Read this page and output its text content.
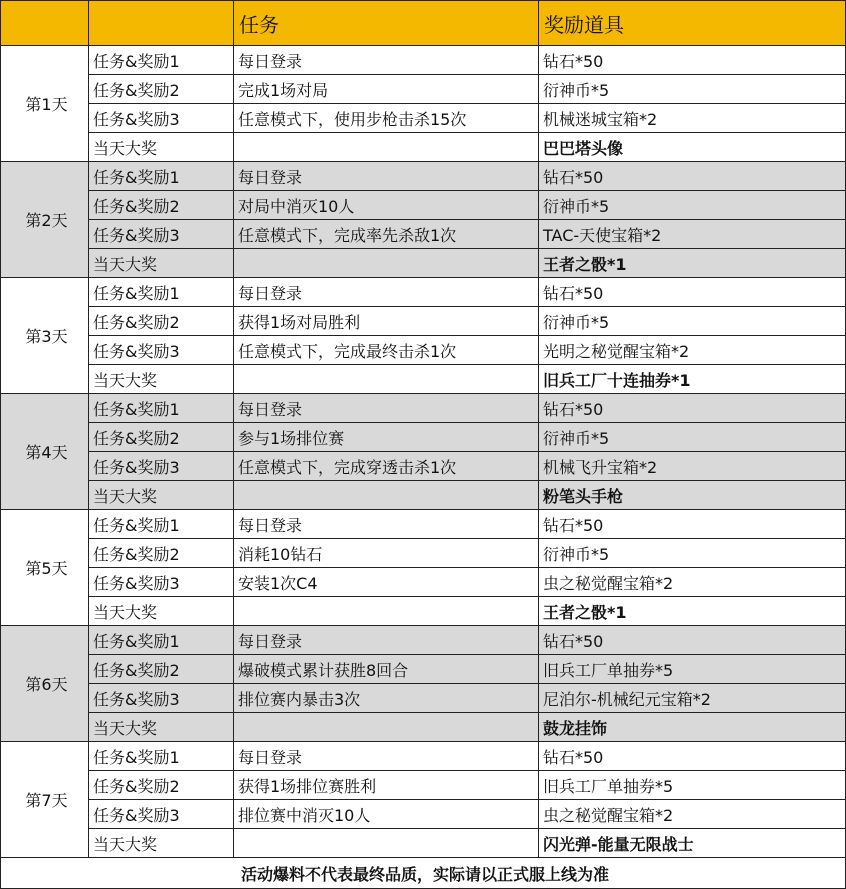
		任务	奖励道具
第1天	任务&奖励1	每日登录	钻石*50
	任务&奖励2	完成1场对局	衍神币*5
	任务&奖励3	任意模式下，使用步枪击杀15次	机械迷城宝箱*2
	当天大奖		巴巴塔头像
第2天	任务&奖励1	每日登录	钻石*50
	任务&奖励2	对局中消灭10人	衍神币*5
	任务&奖励3	任意模式下，完成率先杀敌1次	TAC-天使宝箱*2
	当天大奖		王者之骰*1
第3天	任务&奖励1	每日登录	钻石*50
	任务&奖励2	获得1场对局胜利	衍神币*5
	任务&奖励3	任意模式下，完成最终击杀1次	光明之秘觉醒宝箱*2
	当天大奖		旧兵工厂十连抽券*1
第4天	任务&奖励1	每日登录	钻石*50
	任务&奖励2	参与1场排位赛	衍神币*5
	任务&奖励3	任意模式下，完成穿透击杀1次	机械飞升宝箱*2
	当天大奖		粉笔头手枪
第5天	任务&奖励1	每日登录	钻石*50
	任务&奖励2	消耗10钻石	衍神币*5
	任务&奖励3	安装1次C4	虫之秘觉醒宝箱*2
	当天大奖		王者之骰*1
第6天	任务&奖励1	每日登录	钻石*50
	任务&奖励2	爆破模式累计获胜8回合	旧兵工厂单抽券*5
	任务&奖励3	排位赛内暴击3次	尼泊尔-机械纪元宝箱*2
	当天大奖		鼓龙挂饰
第7天	任务&奖励1	每日登录	钻石*50
	任务&奖励2	获得1场排位赛胜利	旧兵工厂单抽券*5
	任务&奖励3	排位赛中消灭10人	虫之秘觉醒宝箱*2
	当天大奖		闪光弹-能量无限战士
活动爆料不代表最终品质，实际请以正式服上线为准			
